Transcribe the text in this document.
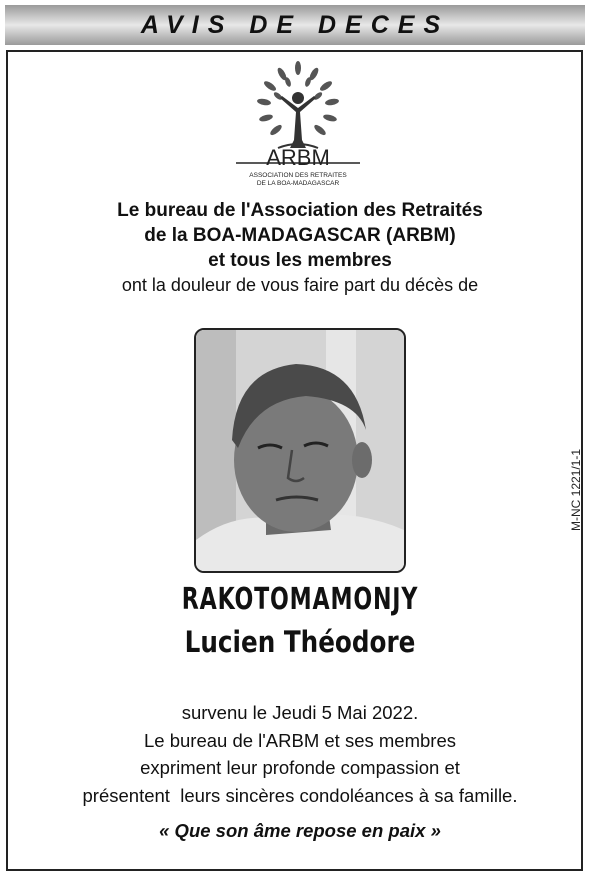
AVIS DE DECES
ARBM
ASSOCIATION DES RETRAITES
DE LA BOA-MADAGASCAR
Le bureau de l'Association des Retraités
de la BOA-MADAGASCAR (ARBM)
et tous les membres
ont la douleur de vous faire part du décès de
M-NC 1221/1-1
RAKOTOMAMONJY
Lucien Théodore
survenu le Jeudi 5 Mai 2022.
Le bureau de l'ARBM et ses membres
expriment leur profonde compassion et
présentent  leurs sincères condoléances à sa famille.
« Que son âme repose en paix »
